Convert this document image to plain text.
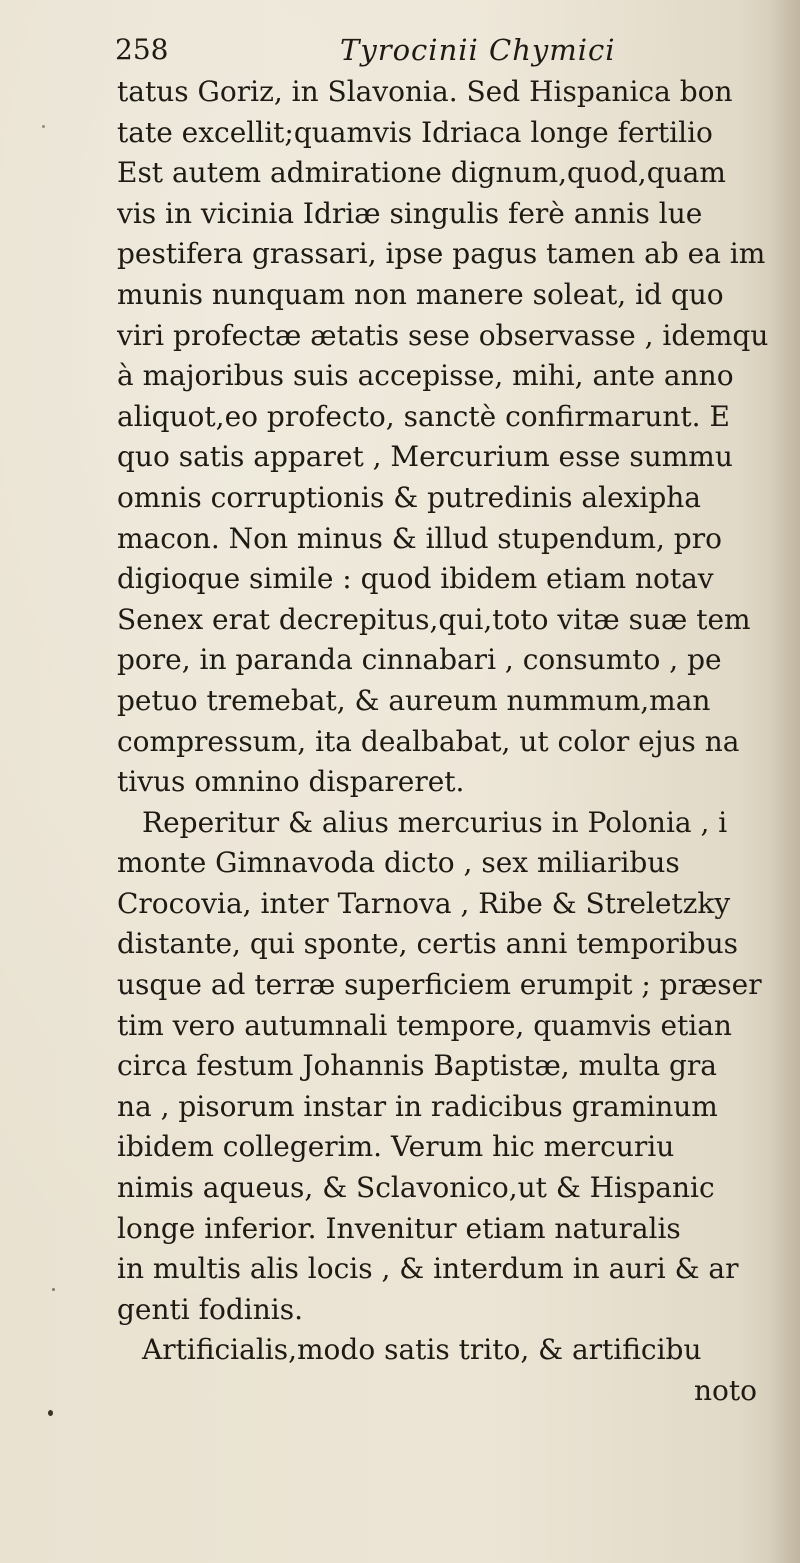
258	Tyrocinii Chymici
tatus Goriz, in Slavonia. Sed Hispanica bon
tate excellit;quamvis Idriaca longe fertilio
Est autem admiratione dignum,quod,quam
vis in vicinia Idriæ singulis ferè annis lue
pestifera grassari, ipse pagus tamen ab ea im
munis nunquam non manere soleat, id quo
viri profectæ ætatis sese observasse , idemqu
à majoribus suis accepisse, mihi, ante anno
aliquot,eo profecto, sanctè confirmarunt. E
quo satis apparet , Mercurium esse summu
omnis corruptionis & putredinis alexipha
macon. Non minus & illud stupendum, pro
digioque simile : quod ibidem etiam notav
Senex erat decrepitus,qui,toto vitæ suæ tem
pore, in paranda cinnabari , consumto , pe
petuo tremebat, & aureum nummum,man
compressum, ita dealbabat, ut color ejus na
tivus omnino dispareret.
Reperitur & alius mercurius in Polonia , i
monte Gimnavoda dicto , sex miliaribus
Crocovia, inter Tarnova , Ribe & Streletzky
distante, qui sponte, certis anni temporibus
usque ad terræ superficiem erumpit ; præser
tim vero autumnali tempore, quamvis etian
circa festum Johannis Baptistæ, multa gra
na , pisorum instar in radicibus graminum
ibidem collegerim. Verum hic mercuriu
nimis aqueus, & Sclavonico,ut & Hispanic
longe inferior. Invenitur etiam naturalis
in multis alis locis , & interdum in auri & ar
genti fodinis.
Artificialis,modo satis trito, & artificibu
noto
